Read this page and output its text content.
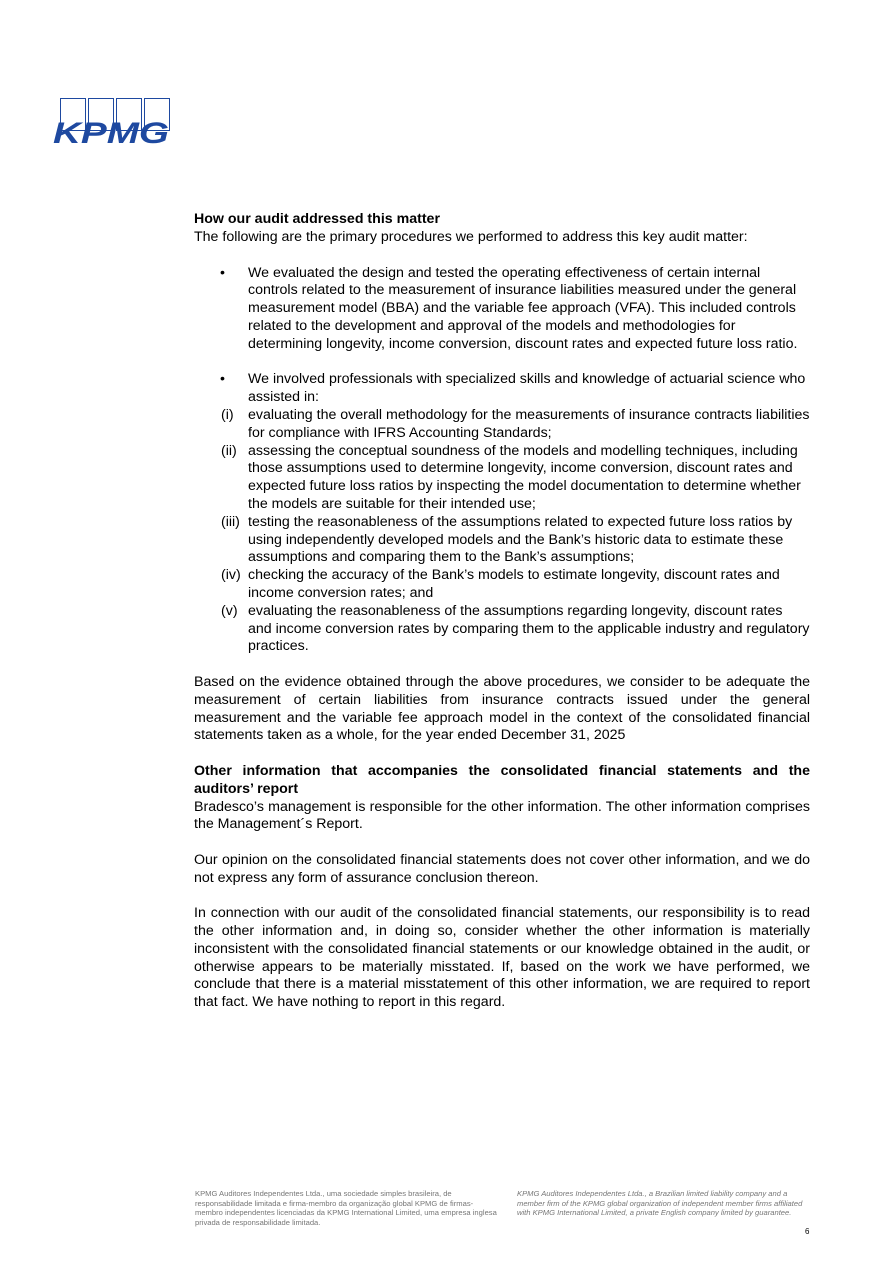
KPMG

How our audit addressed this matter

The following are the primary procedures we performed to address this key audit matter:

• We evaluated the design and tested the operating effectiveness of certain internal controls related to the measurement of insurance liabilities measured under the general measurement model (BBA) and the variable fee approach (VFA). This included controls related to the development and approval of the models and methodologies for determining longevity, income conversion, discount rates and expected future loss ratio.
• We involved professionals with specialized skills and knowledge of actuarial science who assisted in:
(i) evaluating the overall methodology for the measurements of insurance contracts liabilities for compliance with IFRS Accounting Standards;
(ii) assessing the conceptual soundness of the models and modelling techniques, including those assumptions used to determine longevity, income conversion, discount rates and expected future loss ratios by inspecting the model documentation to determine whether the models are suitable for their intended use;
(iii) testing the reasonableness of the assumptions related to expected future loss ratios by using independently developed models and the Bank’s historic data to estimate these assumptions and comparing them to the Bank’s assumptions;
(iv) checking the accuracy of the Bank’s models to estimate longevity, discount rates and income conversion rates; and
(v) evaluating the reasonableness of the assumptions regarding longevity, discount rates and income conversion rates by comparing them to the applicable industry and regulatory practices.

Based on the evidence obtained through the above procedures, we consider to be adequate the measurement of certain liabilities from insurance contracts issued under the general measurement and the variable fee approach model in the context of the consolidated financial statements taken as a whole, for the year ended December 31, 2025

Other information that accompanies the consolidated financial statements and the auditors’ report

Bradesco’s management is responsible for the other information. The other information comprises the Management´s Report.

Our opinion on the consolidated financial statements does not cover other information, and we do not express any form of assurance conclusion thereon.

In connection with our audit of the consolidated financial statements, our responsibility is to read the other information and, in doing so, consider whether the other information is materially inconsistent with the consolidated financial statements or our knowledge obtained in the audit, or otherwise appears to be materially misstated. If, based on the work we have performed, we conclude that there is a material misstatement of this other information, we are required to report that fact. We have nothing to report in this regard.

KPMG Auditores Independentes Ltda., uma sociedade simples brasileira, de responsabilidade limitada e firma-membro da organização global KPMG de firmas-membro independentes licenciadas da KPMG International Limited, uma empresa inglesa privada de responsabilidade limitada.
KPMG Auditores Independentes Ltda., a Brazilian limited liability company and a member firm of the KPMG global organization of independent member firms affiliated with KPMG International Limited, a private English company limited by guarantee.
6
